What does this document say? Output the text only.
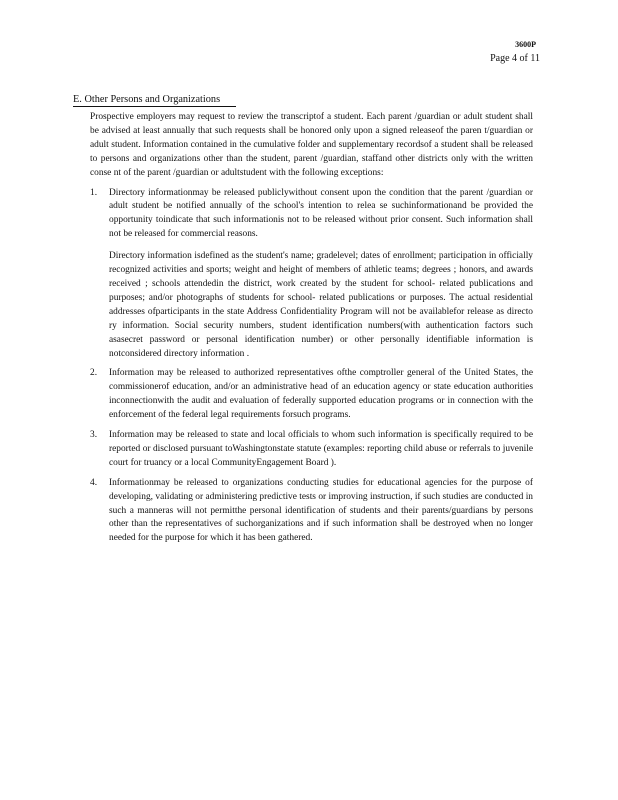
3600P
Page 4 of 11
E. Other Persons and Organizations

Prospective employers may request to review the transcriptof a student. Each parent /guardian or adult student shall be advised at least annually that such requests shall be honored only upon a signed releaseof the paren t/guardian or adult student. Information contained in the cumulative folder and supplementary recordsof a student shall be released to persons and organizations other than the student, parent /guardian, staffand other districts only with the written conse nt of the parent /guardian or adultstudent with the following exceptions:

1. Directory informationmay be released publiclywithout consent upon the condition that the parent /guardian or adult student be notified annually of the school's intention to relea se suchinformationand be provided the opportunity toindicate that such informationis not to be released without prior consent. Such information shall not be released for commercial reasons.

Directory information isdefined as the student's name; gradelevel; dates of enrollment; participation in officially recognized activities and sports; weight and height of members of athletic teams; degrees ; honors, and awards received ; schools attendedin the district, work created by the student for school- related publications and purposes; and/or photographs of students for school- related publications or purposes. The actual residential addresses ofparticipants in the state Address Confidentiality Program will not be availablefor release as directo ry information. Social security numbers, student identification numbers(with authentication factors such asasecret password or personal identification number) or other personally identifiable information is notconsidered directory information .

2. Information may be released to authorized representatives ofthe comptroller general of the United States, the commissionerof education, and/or an administrative head of an education agency or state education authorities inconnectionwith the audit and evaluation of federally supported education programs or in connection with the enforcement of the federal legal requirements forsuch programs.

3. Information may be released to state and local officials to whom such information is specifically required to be reported or disclosed pursuant toWashingtonstate statute (examples: reporting child abuse or referrals to juvenile court for truancy or a local CommunityEngagement Board ).

4. Informationmay be released to organizations conducting studies for educational agencies for the purpose of developing, validating or administering predictive tests or improving instruction, if such studies are conducted in such a manneras will not permitthe personal identification of students and their parents/guardians by persons other than the representatives of suchorganizations and if such information shall be destroyed when no longer needed for the purpose for which it has been gathered.
